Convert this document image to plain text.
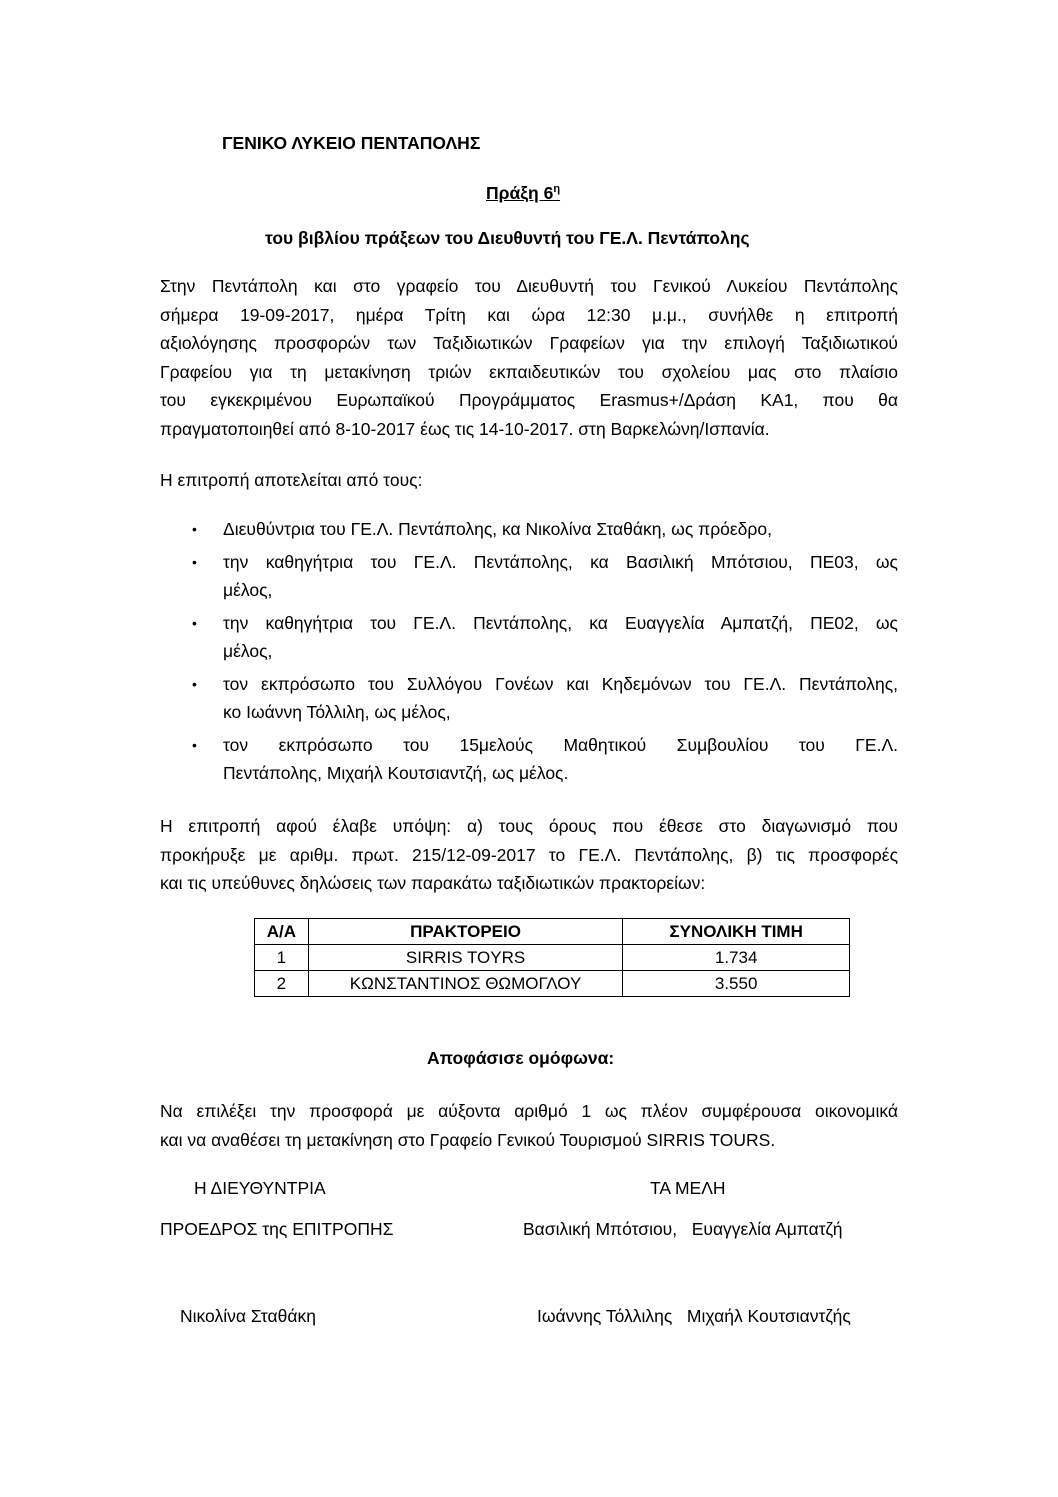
ΓΕΝΙΚΟ ΛΥΚΕΙΟ ΠΕΝΤΑΠΟΛΗΣ
Πράξη $6^\eta$
του βιβλίου πράξεων του Διευθυντή του ΓΕ.Λ. Πεντάπολης
Στην Πεντάπολη και στο γραφείο του Διευθυντή του Γενικού Λυκείου Πεντάπολης
σήμερα 19-09-2017, ημέρα Τρίτη και ώρα 12:30 μ.μ., συνήλθε η επιτροπή
αξιολόγησης προσφορών των Ταξιδιωτικών Γραφείων για την επιλογή Ταξιδιωτικού
Γραφείου για τη μετακίνηση τριών εκπαιδευτικών του σχολείου μας στο πλαίσιο
του εγκεκριμένου Ευρωπαϊκού Προγράμματος Erasmus+/Δράση ΚΑ1, που θα
πραγματοποιηθεί από 8-10-2017 έως τις 14-10-2017. στη Βαρκελώνη/Ισπανία.
Η επιτροπή αποτελείται από τους:
• Διευθύντρια του ΓΕ.Λ. Πεντάπολης, κα Νικολίνα Σταθάκη, ως πρόεδρο,
• την καθηγήτρια του ΓΕ.Λ. Πεντάπολης, κα Βασιλική Μπότσιου, ΠΕ03, ως
μέλος,
• την καθηγήτρια του ΓΕ.Λ. Πεντάπολης, κα Ευαγγελία Αμπατζή, ΠΕ02, ως
μέλος,
• τον εκπρόσωπο του Συλλόγου Γονέων και Κηδεμόνων του ΓΕ.Λ. Πεντάπολης,
κο Ιωάννη Τόλλιλη, ως μέλος,
• τον εκπρόσωπο του 15μελούς Μαθητικού Συμβουλίου του ΓΕ.Λ.
Πεντάπολης, Μιχαήλ Κουτσιαντζή, ως μέλος.
Η επιτροπή αφού έλαβε υπόψη: α) τους όρους που έθεσε στο διαγωνισμό που
προκήρυξε με αριθμ. πρωτ. 215/12-09-2017 το ΓΕ.Λ. Πεντάπολης, β) τις προσφορές
και τις υπεύθυνες δηλώσεις των παρακάτω ταξιδιωτικών πρακτορείων:
Α/Α	ΠΡΑΚΤΟΡΕΙΟ	ΣΥΝΟΛΙΚΗ ΤΙΜΗ
1	SIRRIS TOYRS	1.734
2	ΚΩΝΣΤΑΝΤΙΝΟΣ ΘΩΜΟΓΛΟΥ	3.550
Αποφάσισε ομόφωνα:
Να επιλέξει την προσφορά με αύξοντα αριθμό 1 ως πλέον συμφέρουσα οικονομικά
και να αναθέσει τη μετακίνηση στο Γραφείο Γενικού Τουρισμού SIRRIS TOURS.
Η ΔΙΕΥΘΥΝΤΡΙΑ	ΤΑ ΜΕΛΗ
ΠΡΟΕΔΡΟΣ της ΕΠΙΤΡΟΠΗΣ	Βασιλική Μπότσιου,   Ευαγγελία Αμπατζή
Νικολίνα Σταθάκη	Ιωάννης Τόλλιλης   Μιχαήλ Κουτσιαντζής
